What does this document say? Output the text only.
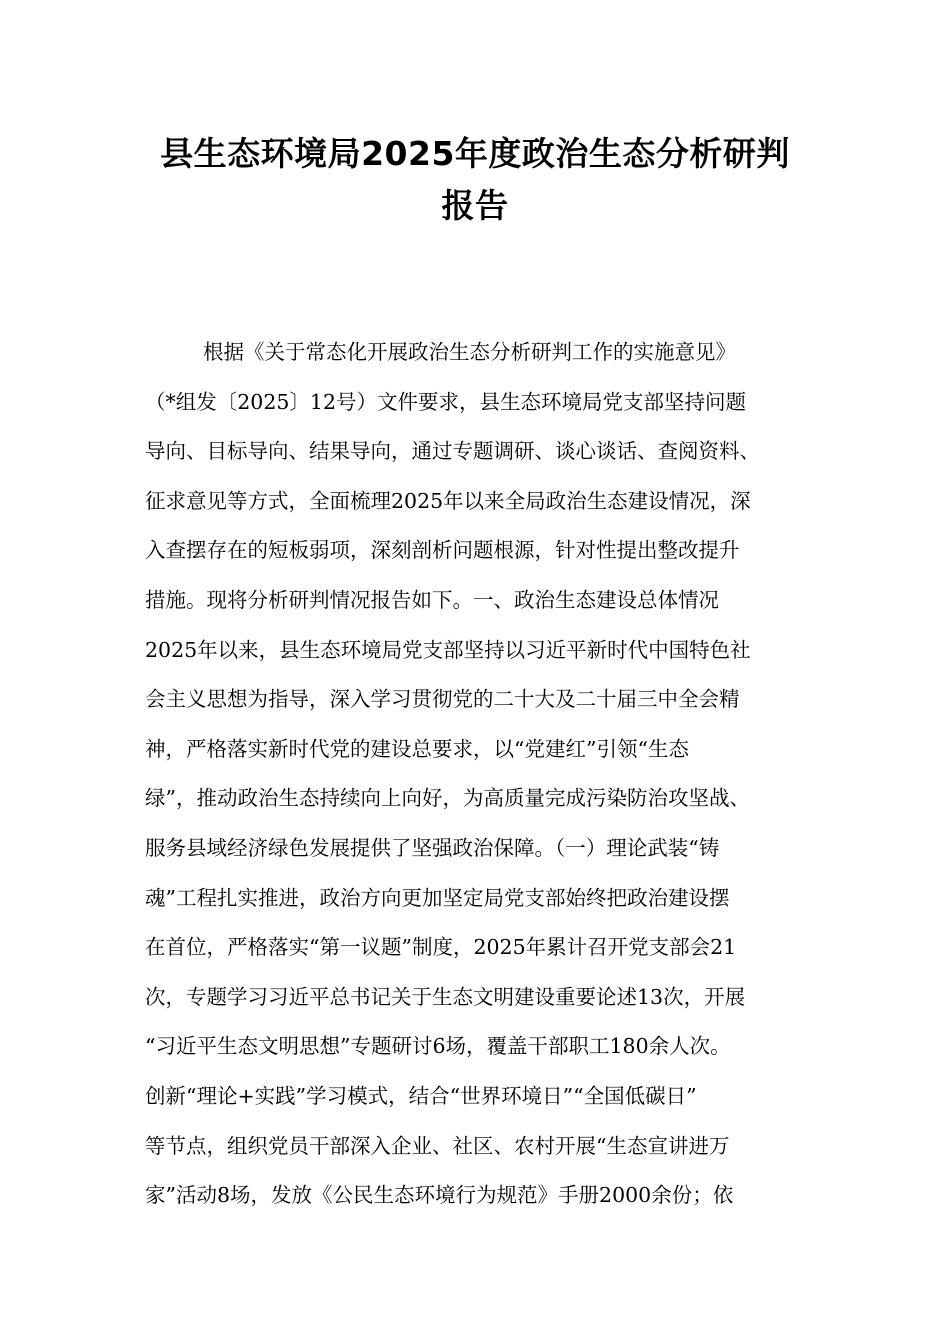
县生态环境局2025年度政治生态分析研判
报告
根据《关于常态化开展政治生态分析研判工作的实施意见》
（*组发〔2025〕12号）文件要求，县生态环境局党支部坚持问题
导向、目标导向、结果导向，通过专题调研、谈心谈话、查阅资料、
征求意见等方式，全面梳理2025年以来全局政治生态建设情况，深
入查摆存在的短板弱项，深刻剖析问题根源，针对性提出整改提升
措施。现将分析研判情况报告如下。一、政治生态建设总体情况
2025年以来，县生态环境局党支部坚持以习近平新时代中国特色社
会主义思想为指导，深入学习贯彻党的二十大及二十届三中全会精
神，严格落实新时代党的建设总要求，以“党建红”引领“生态
绿”，推动政治生态持续向上向好，为高质量完成污染防治攻坚战、
服务县域经济绿色发展提供了坚强政治保障。（一）理论武装“铸
魂”工程扎实推进，政治方向更加坚定局党支部始终把政治建设摆
在首位，严格落实“第一议题”制度，2025年累计召开党支部会21
次，专题学习习近平总书记关于生态文明建设重要论述13次，开展
“习近平生态文明思想”专题研讨6场，覆盖干部职工180余人次。
创新“理论+实践”学习模式，结合“世界环境日”“全国低碳日”
等节点，组织党员干部深入企业、社区、农村开展“生态宣讲进万
家”活动8场，发放《公民生态环境行为规范》手册2000余份；依
